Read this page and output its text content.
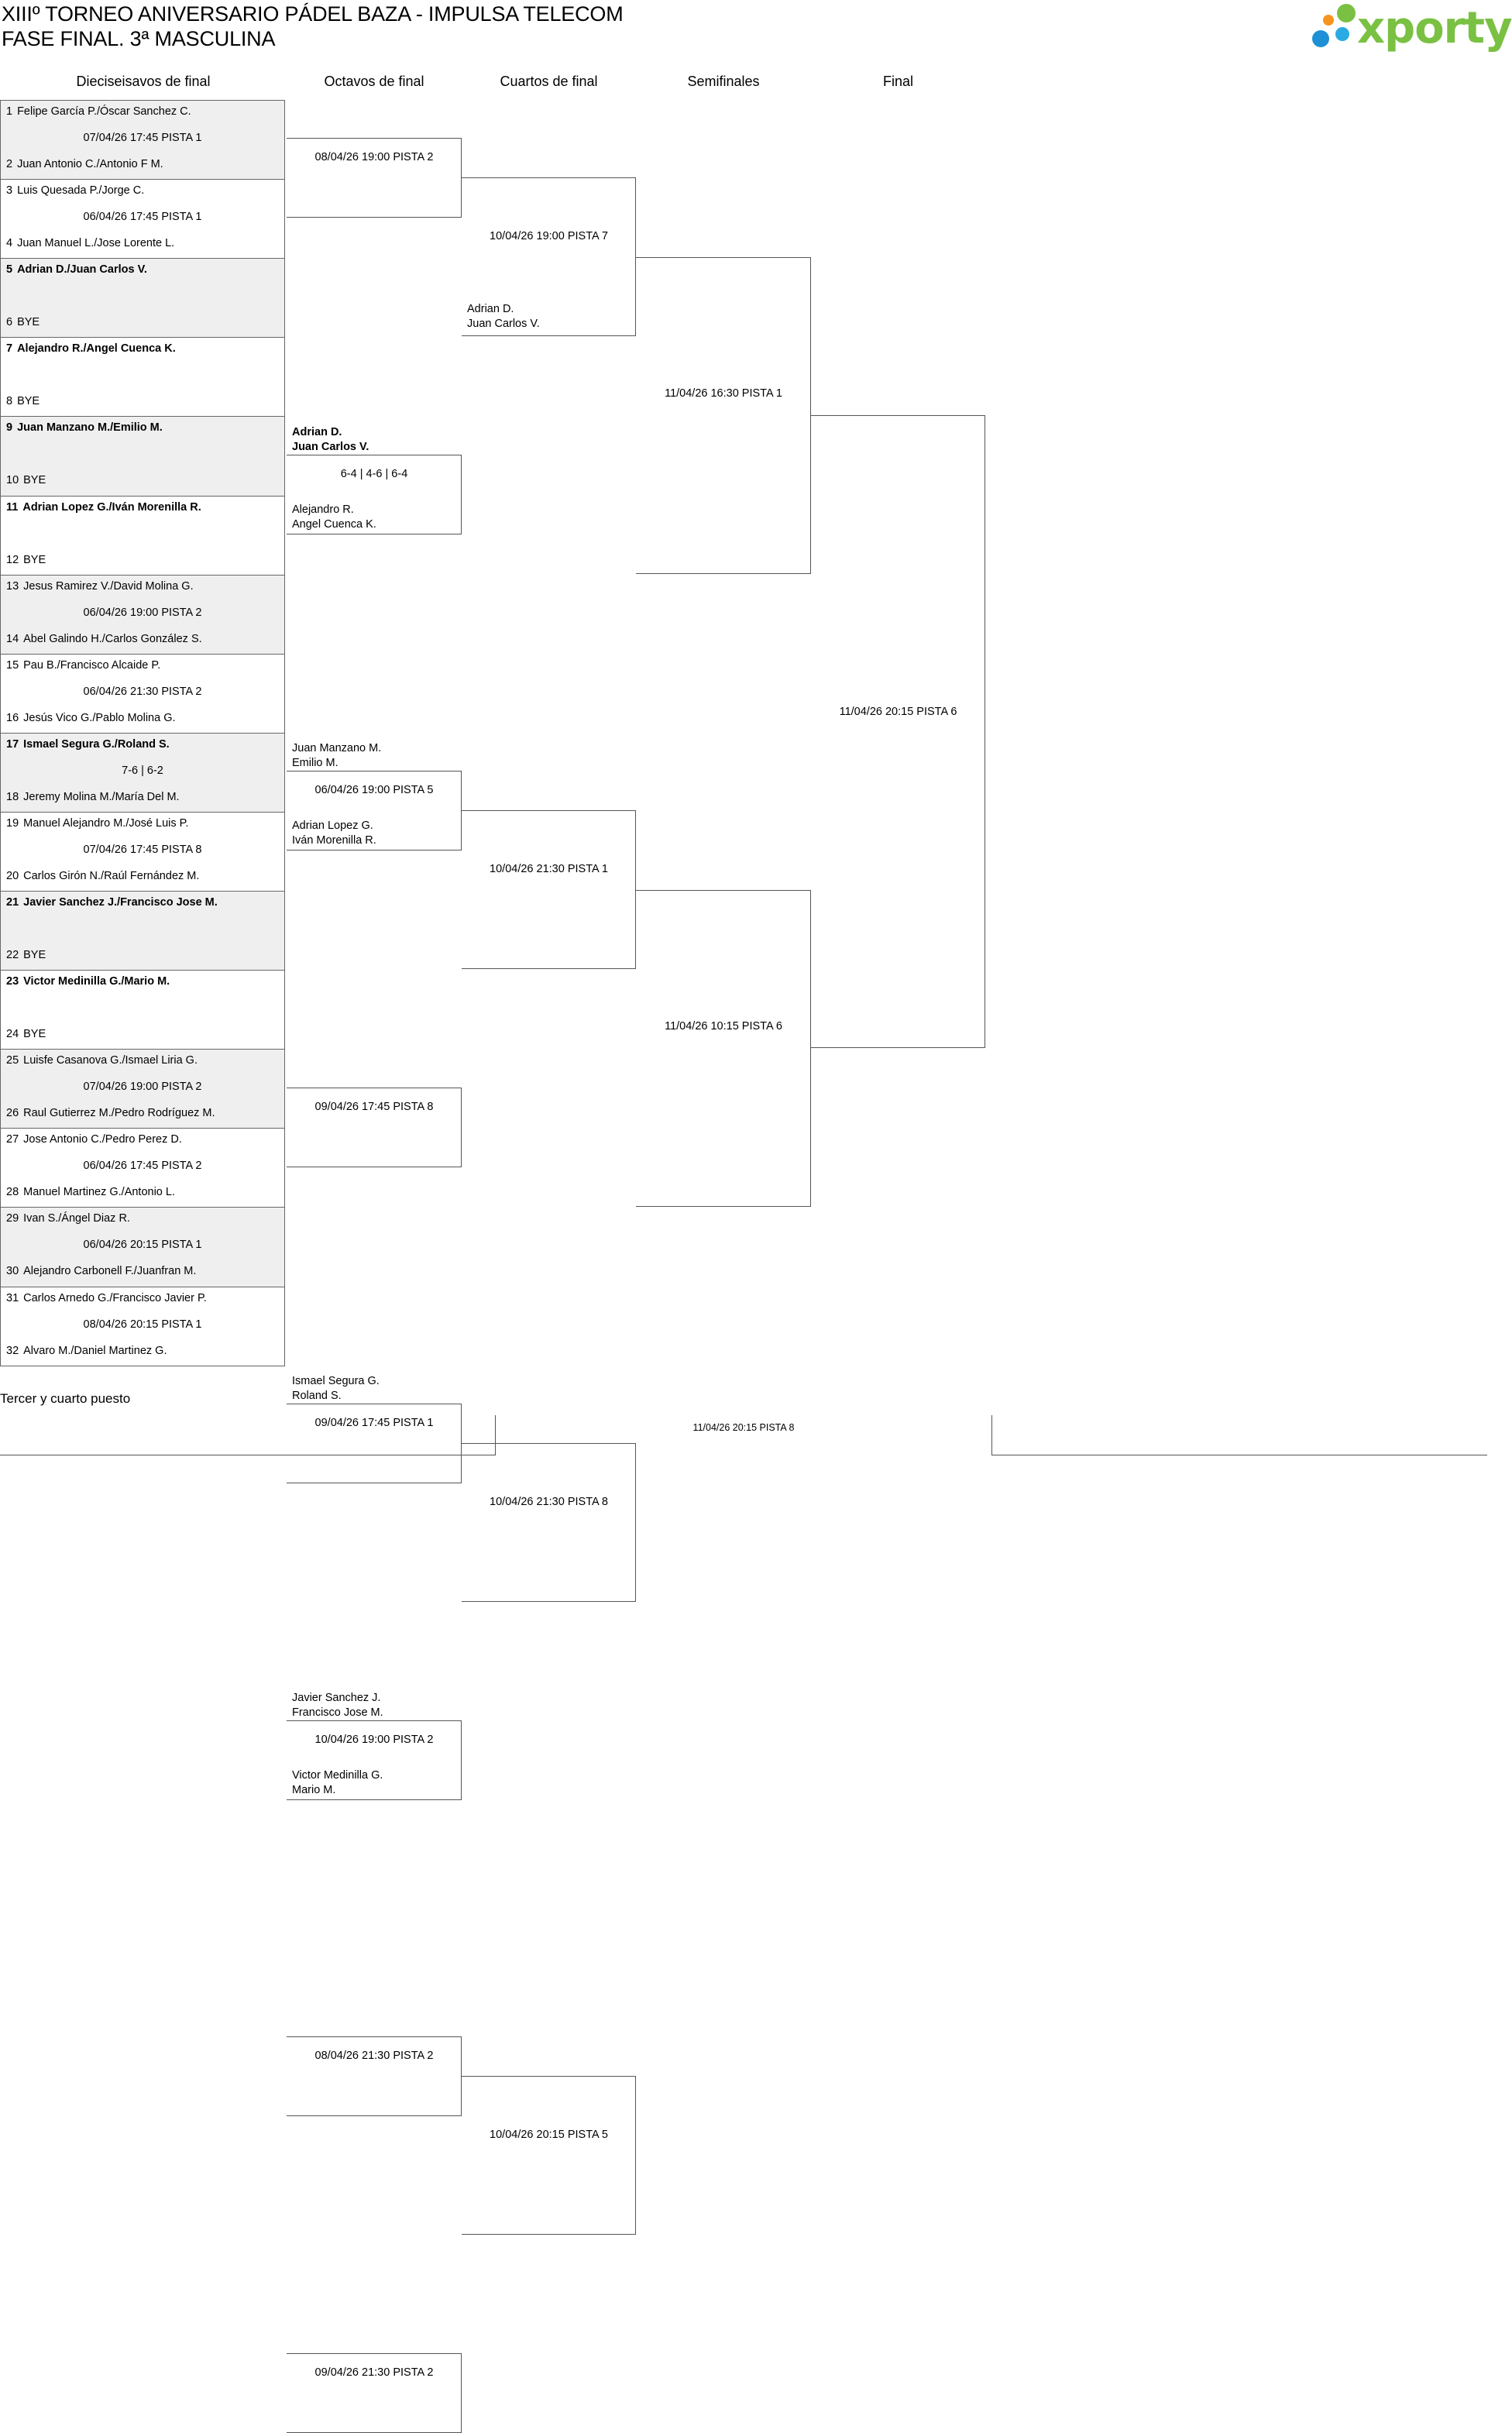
XIIIº TORNEO ANIVERSARIO PÁDEL BAZA - IMPULSA TELECOM
FASE FINAL. 3ª MASCULINA	xporty
Dieciseisavos de final	Octavos de final	Cuartos de final	Semifinales	Final
1 Felipe García P./Óscar Sanchez C.
07/04/26 17:45 PISTA 1
2 Juan Antonio C./Antonio F M.
3 Luis Quesada P./Jorge C.
06/04/26 17:45 PISTA 1
4 Juan Manuel L./Jose Lorente L.
5 Adrian D./Juan Carlos V.
6 BYE
7 Alejandro R./Angel Cuenca K.
8 BYE
9 Juan Manzano M./Emilio M.
10 BYE
11 Adrian Lopez G./Iván Morenilla R.
12 BYE
13 Jesus Ramirez V./David Molina G.
06/04/26 19:00 PISTA 2
14 Abel Galindo H./Carlos González S.
15 Pau B./Francisco Alcaide P.
06/04/26 21:30 PISTA 2
16 Jesús Vico G./Pablo Molina G.
17 Ismael Segura G./Roland S.
7-6 | 6-2
18 Jeremy Molina M./María Del M.
19 Manuel Alejandro M./José Luis P.
07/04/26 17:45 PISTA 8
20 Carlos Girón N./Raúl Fernández M.
21 Javier Sanchez J./Francisco Jose M.
22 BYE
23 Victor Medinilla G./Mario M.
24 BYE
25 Luisfe Casanova G./Ismael Liria G.
07/04/26 19:00 PISTA 2
26 Raul Gutierrez M./Pedro Rodríguez M.
27 Jose Antonio C./Pedro Perez D.
06/04/26 17:45 PISTA 2
28 Manuel Martinez G./Antonio L.
29 Ivan S./Ángel Diaz R.
06/04/26 20:15 PISTA 1
30 Alejandro Carbonell F./Juanfran M.
31 Carlos Arnedo G./Francisco Javier P.
08/04/26 20:15 PISTA 1
32 Alvaro M./Daniel Martinez G.
08/04/26 19:00 PISTA 2
6-4 | 4-6 | 6-4
Adrian D.
Juan Carlos V.
Alejandro R.
Angel Cuenca K.
06/04/26 19:00 PISTA 5
Juan Manzano M.
Emilio M.
Adrian Lopez G.
Iván Morenilla R.
09/04/26 17:45 PISTA 8
09/04/26 17:45 PISTA 1
Ismael Segura G.
Roland S.
10/04/26 19:00 PISTA 2
Javier Sanchez J.
Francisco Jose M.
Victor Medinilla G.
Mario M.
08/04/26 21:30 PISTA 2
09/04/26 21:30 PISTA 2
10/04/26 19:00 PISTA 7
Adrian D.
Juan Carlos V.
10/04/26 21:30 PISTA 1
10/04/26 21:30 PISTA 8
10/04/26 20:15 PISTA 5
11/04/26 16:30 PISTA 1
11/04/26 10:15 PISTA 6
11/04/26 20:15 PISTA 6
Tercer y cuarto puesto
11/04/26 20:15 PISTA 8
